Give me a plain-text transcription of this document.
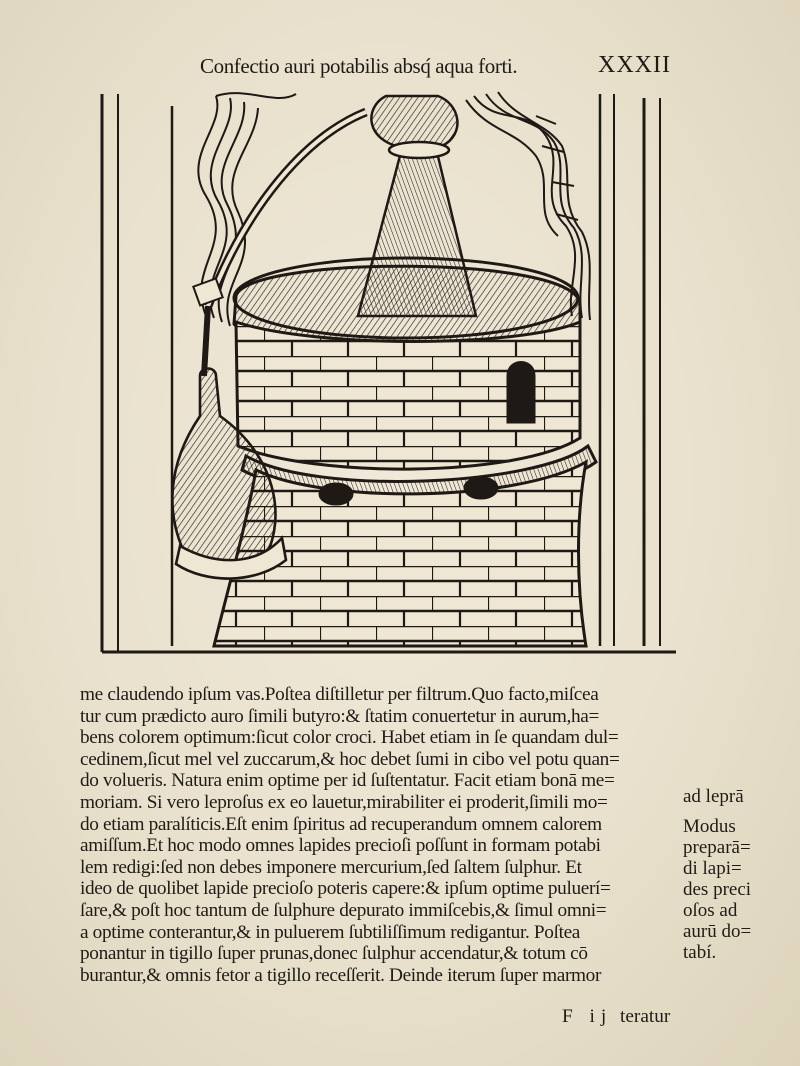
Confectio auri potabilis absq́ aqua forti.	XXXII
me claudendo ipſum vas.Poſtea diſtilletur per filtrum.Quo facto,miſcea
tur cum prædicto auro ſimili butyro:& ſtatim conuertetur in aurum,ha=
bens colorem optimum:ſicut color croci. Habet etiam in ſe quandam dul=
cedinem,ſicut mel vel zuccarum,& hoc debet ſumi in cibo vel potu quan=
do volueris. Natura enim optime per id ſuſtentatur. Facit etiam bonā me=
moriam. Si vero leproſus ex eo lauetur,mirabiliter ei proderit,ſimili mo=
do etiam paralíticis.Eſt enim ſpiritus ad recuperandum omnem calorem
amiſſum.Et hoc modo omnes lapides precioſi poſſunt in formam potabi
lem redigi:ſed non debes imponere mercurium,ſed ſaltem ſulphur. Et
ideo de quolibet lapide precioſo poteris capere:& ipſum optime puluerí=
ſare,& poſt hoc tantum de ſulphure depurato immiſcebis,& ſimul omni=
a optime conterantur,& in puluerem ſubtiliſſimum redigantur. Poſtea
ponantur in tigillo ſuper prunas,donec ſulphur accendatur,& totum cō
burantur,& omnis fetor a tigillo receſſerit. Deinde iterum ſuper marmor
ad leprā
Modus
preparā=
di lapi=
des preci
oſos ad
aurū do=
tabí.
F ij teratur
